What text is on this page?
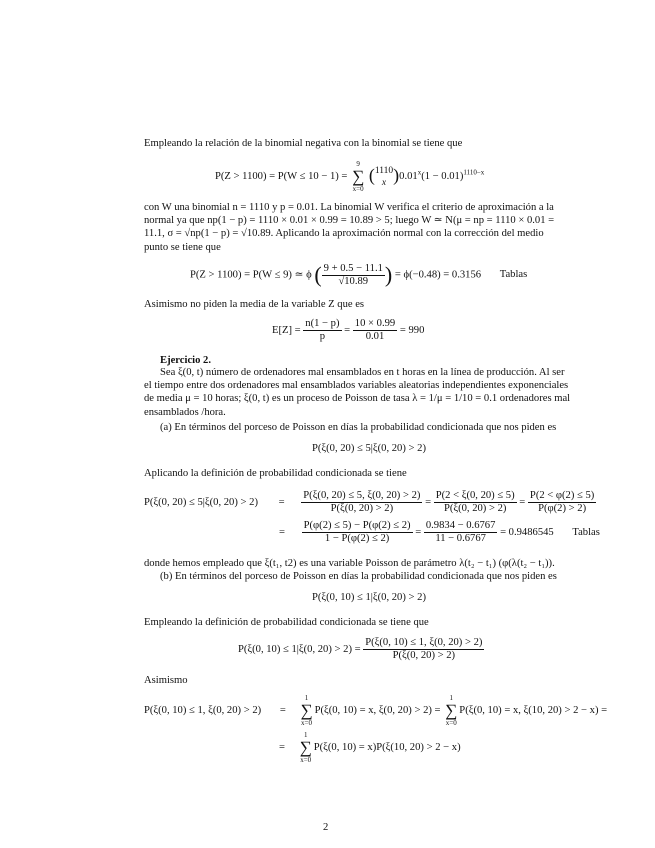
Empleando la relación de la binomial negativa con la binomial se tiene que
P(Z > 1100) = P(W ≤ 10 − 1) =
9
∑
x=0
( 1110
x )$0.01^x(1 - 0.01)^{1110-x}$
con W una binomial n = 1110 y p = 0.01. La binomial W verifica el criterio de aproximación a la
normal ya que np(1 − p) = 1110 × 0.01 × 0.99 = 10.89 > 5; luego W ≃ N(μ = np = 1110 × 0.01 =
11.1, σ = √np(1 − p) = √10.89. Aplicando la aproximación normal con la corrección del medio
punto se tiene que
P(Z > 1100) = P(W ≤ 9) ≃ ϕ ( $\frac{9 + 0.5 - 11.1}{√10.89}$ ) = ϕ(−0.48) = 0.3156 Tablas
Asimismo no piden la media de la variable Z que es
$E[Z] = \frac{n(1 - p)}{p} = \frac{10 \times 0.99}{0.01} = 990$
Ejercicio 2.
Sea ξ(0, t) número de ordenadores mal ensamblados en t horas en la línea de producción. Al ser
el tiempo entre dos ordenadores mal ensamblados variables aleatorias independientes exponenciales
de media μ = 10 horas; ξ(0, t) es un proceso de Poisson de tasa λ = 1/μ = 1/10 = 0.1 ordenadores mal
ensamblados /hora.
(a) En términos del porceso de Poisson en días la probabilidad condicionada que nos piden es
P(ξ(0, 20) ≤ 5|ξ(0, 20) > 2)
Aplicando la definición de probabilidad condicionada se tiene
P(ξ(0, 20) ≤ 5|ξ(0, $20) > 2) = \frac{P(\xi(0, 20) \le 5, \xi(0, 20) > 2)}{P(\xi(0, 20) > 2)} = \frac{P(2 < \xi(0, 20) \le 5)}{P(\xi(0, 20) > 2)} = \frac{P(2 < \varphi(2) \le 5)}{P(\varphi(2) > 2)}$
= $\frac{P(\varphi(2) \le 5) - P(\varphi(2) \le 2)}{1 - P(\varphi(2) \le 2)} = \frac{0.9834 - 0.6767}{11 - 0.6767} = 0.9486545$ Tablas
donde hemos empleado que ξ(t₁, t2) es una variable Poisson de parámetro λ(t₂ − t₁) (φ(λ(t₂ − t₁)).
(b) En términos del porceso de Poisson en días la probabilidad condicionada que nos piden es
P(ξ(0, 10) ≤ 1|ξ(0, 20) > 2)
Empleando la definición de probabilidad condicionada se tiene que
P(ξ(0, 10) ≤ 1|ξ(0, $20) > 2) = \frac{P(\xi(0, 10) \le 1, \xi(0, 20) > 2)}{P(\xi(0, 20) > 2)}$
Asimismo
P(ξ(0, 10) ≤ 1, ξ(0, 20) > 2) =
1
∑
x=0
P(ξ(0, 10) = x, ξ(0, 20) > 2) =
1
∑
x=0
P(ξ(0, 10) = x, ξ(10, 20) > 2 − x) =
=
1
∑
x=0
P(ξ(0, 10) = x)P(ξ(10, 20) > 2 − x)
2
